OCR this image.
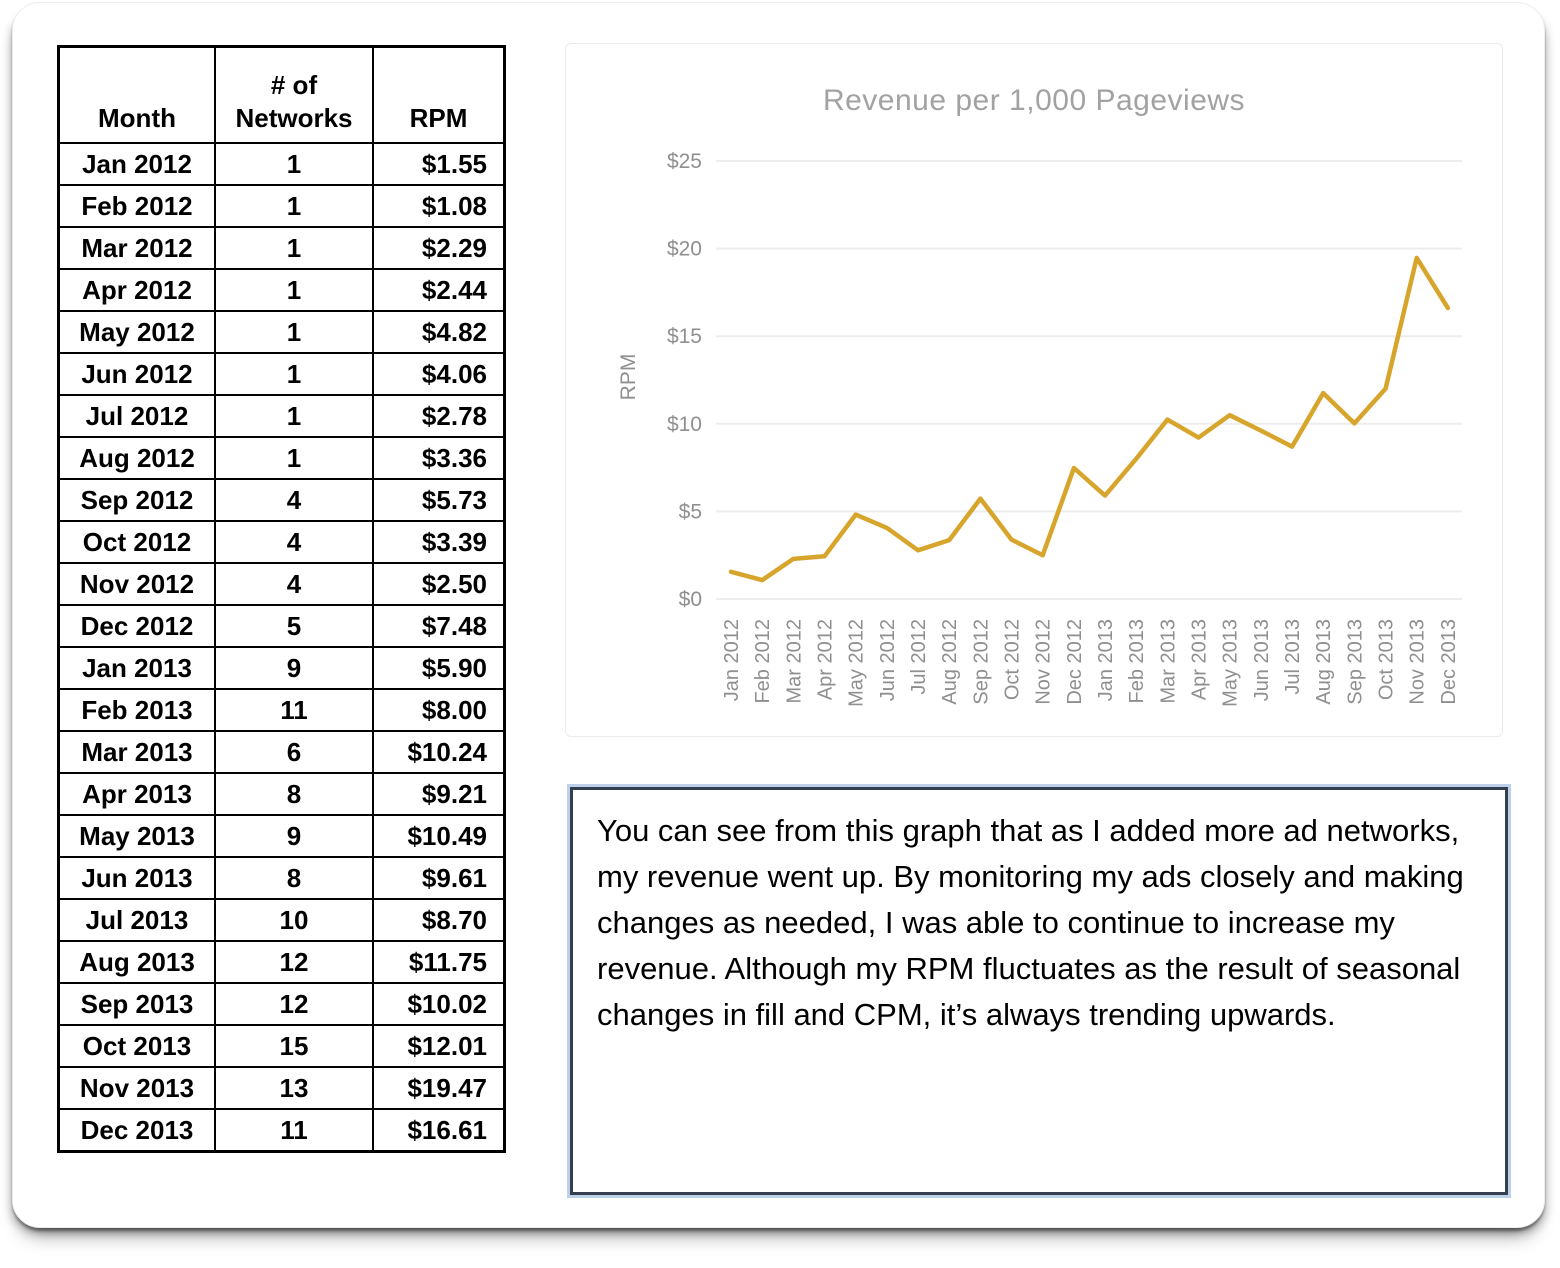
Month	# of Networks	RPM
Jan 2012	1	$1.55
Feb 2012	1	$1.08
Mar 2012	1	$2.29
Apr 2012	1	$2.44
May 2012	1	$4.82
Jun 2012	1	$4.06
Jul 2012	1	$2.78
Aug 2012	1	$3.36
Sep 2012	4	$5.73
Oct 2012	4	$3.39
Nov 2012	4	$2.50
Dec 2012	5	$7.48
Jan 2013	9	$5.90
Feb 2013	11	$8.00
Mar 2013	6	$10.24
Apr 2013	8	$9.21
May 2013	9	$10.49
Jun 2013	8	$9.61
Jul 2013	10	$8.70
Aug 2013	12	$11.75
Sep 2013	12	$10.02
Oct 2013	15	$12.01
Nov 2013	13	$19.47
Dec 2013	11	$16.61
Revenue per 1,000 Pageviews
RPM
$0
$5
$10
$15
$20
$25
Jan 2012 Feb 2012 Mar 2012 Apr 2012 May 2012 Jun 2012 Jul 2012 Aug 2012 Sep 2012 Oct 2012 Nov 2012 Dec 2012 Jan 2013 Feb 2013 Mar 2013 Apr 2013 May 2013 Jun 2013 Jul 2013 Aug 2013 Sep 2013 Oct 2013 Nov 2013 Dec 2013
You can see from this graph that as I added more ad networks, my revenue went up. By monitoring my ads closely and making changes as needed, I was able to continue to increase my revenue. Although my RPM fluctuates as the result of seasonal changes in fill and CPM, it’s always trending upwards.
